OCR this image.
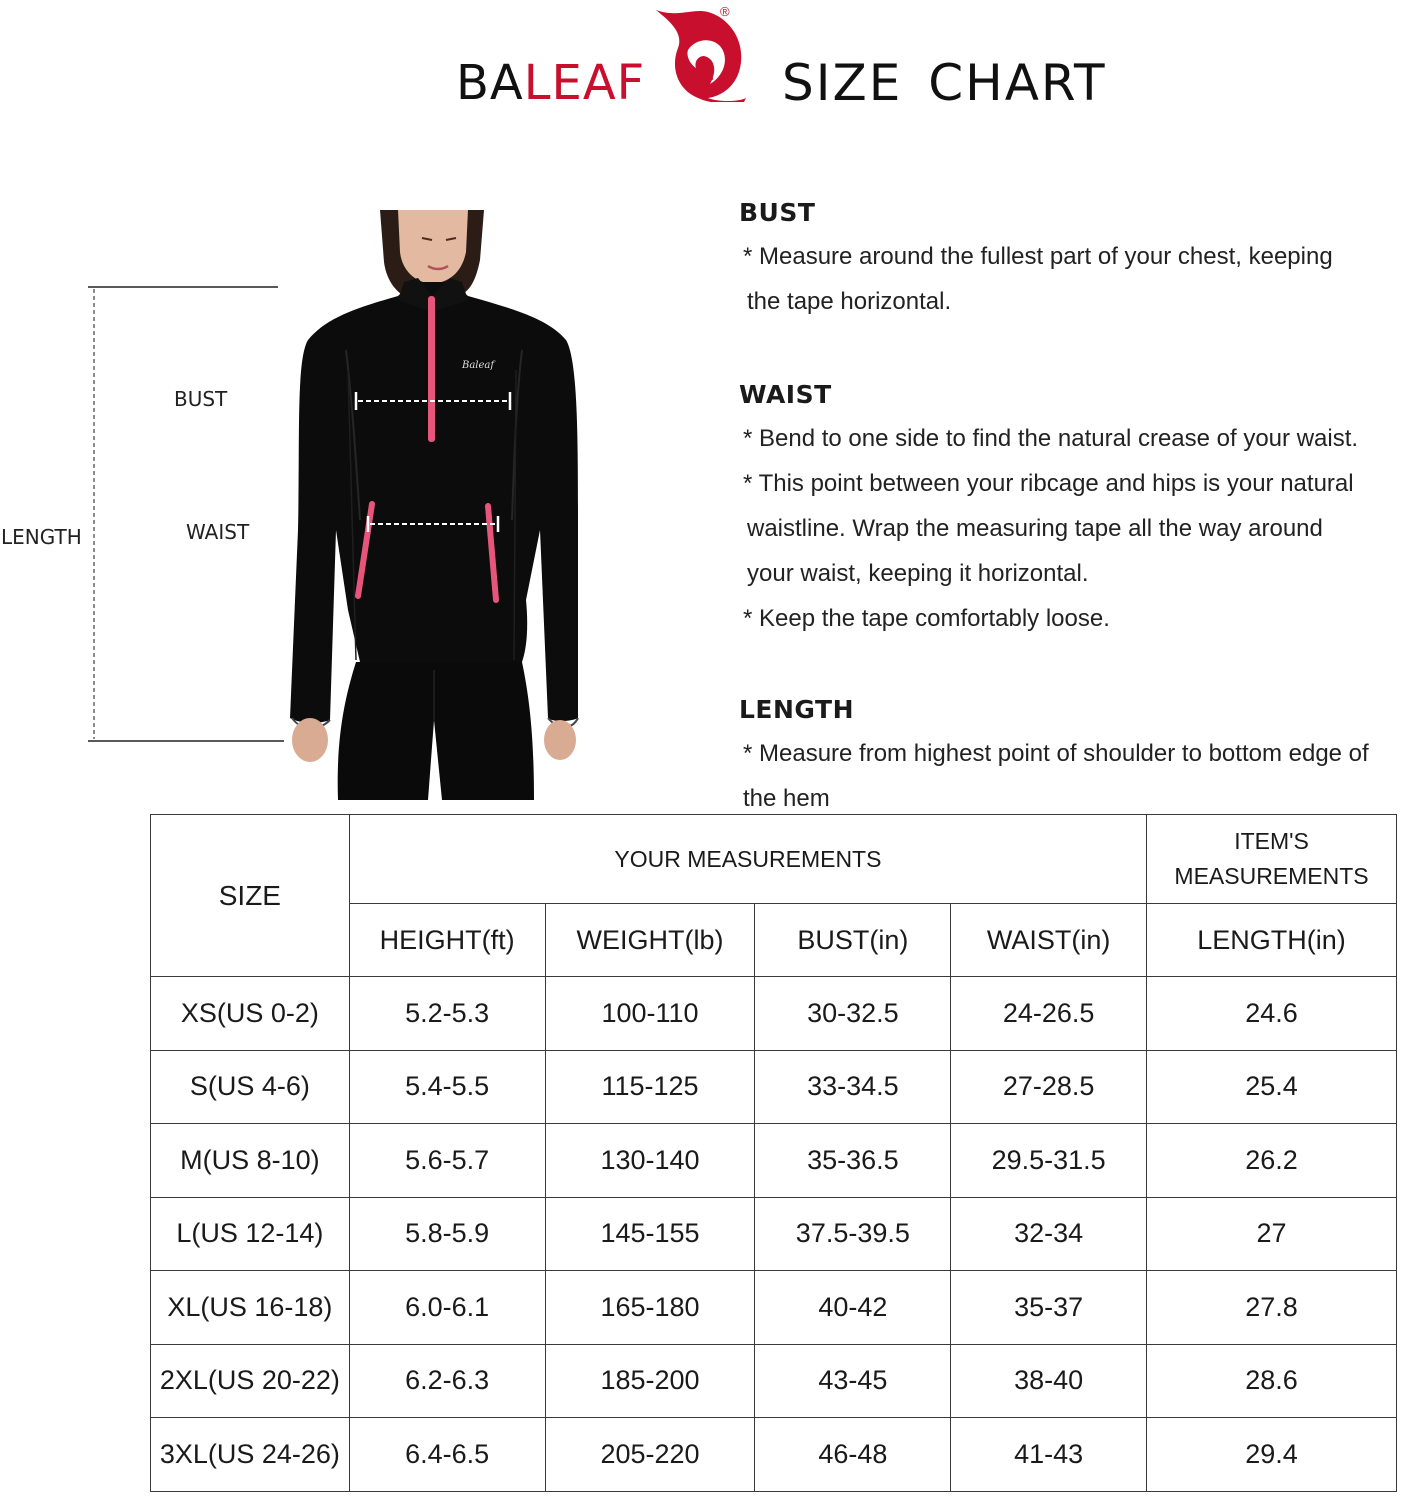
BALEAF
®
SIZE CHART
Baleaf
BUST
WAIST
LENGTH
BUST

* Measure around the fullest part of your chest, keeping
the tape horizontal.

WAIST

* Bend to one side to find the natural crease of your waist.

* This point between your ribcage and hips is your natural
waistline. Wrap the measuring tape all the way around
your waist, keeping it horizontal.

* Keep the tape comfortably loose.

LENGTH

* Measure from highest point of shoulder to bottom edge of
the hem

SIZE	YOUR MEASUREMENTS				ITEM'S
MEASUREMENTS
	HEIGHT(ft)	WEIGHT(lb)	BUST(in)	WAIST(in)	LENGTH(in)
XS(US 0-2)	5.2-5.3	100-110	30-32.5	24-26.5	24.6
S(US 4-6)	5.4-5.5	115-125	33-34.5	27-28.5	25.4
M(US 8-10)	5.6-5.7	130-140	35-36.5	29.5-31.5	26.2
L(US 12-14)	5.8-5.9	145-155	37.5-39.5	32-34	27
XL(US 16-18)	6.0-6.1	165-180	40-42	35-37	27.8
2XL(US 20-22)	6.2-6.3	185-200	43-45	38-40	28.6
3XL(US 24-26)	6.4-6.5	205-220	46-48	41-43	29.4
